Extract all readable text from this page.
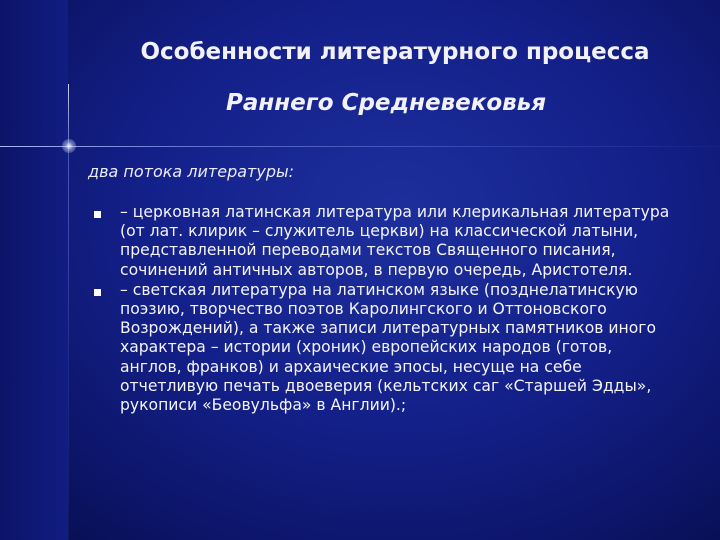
Особенности литературного процесса
Раннего Средневековья
два потока литературы:
– церковная латинская литература или клерикальная литература (от лат. клирик – служитель церкви) на классической латыни, представленной переводами текстов Священного писания, сочинений античных авторов, в первую очередь, Аристотеля.
– светская литература на латинском языке (позднелатинскую поэзию, творчество поэтов Каролингского и Оттоновского Возрождений), а также записи литературных памятников иного характера – истории (хроник) европейских народов (готов, англов, франков) и архаические эпосы, несуще на себе отчетливую печать двоеверия (кельтских саг «Старшей Эдды», рукописи «Беовульфа» в Англии).;
